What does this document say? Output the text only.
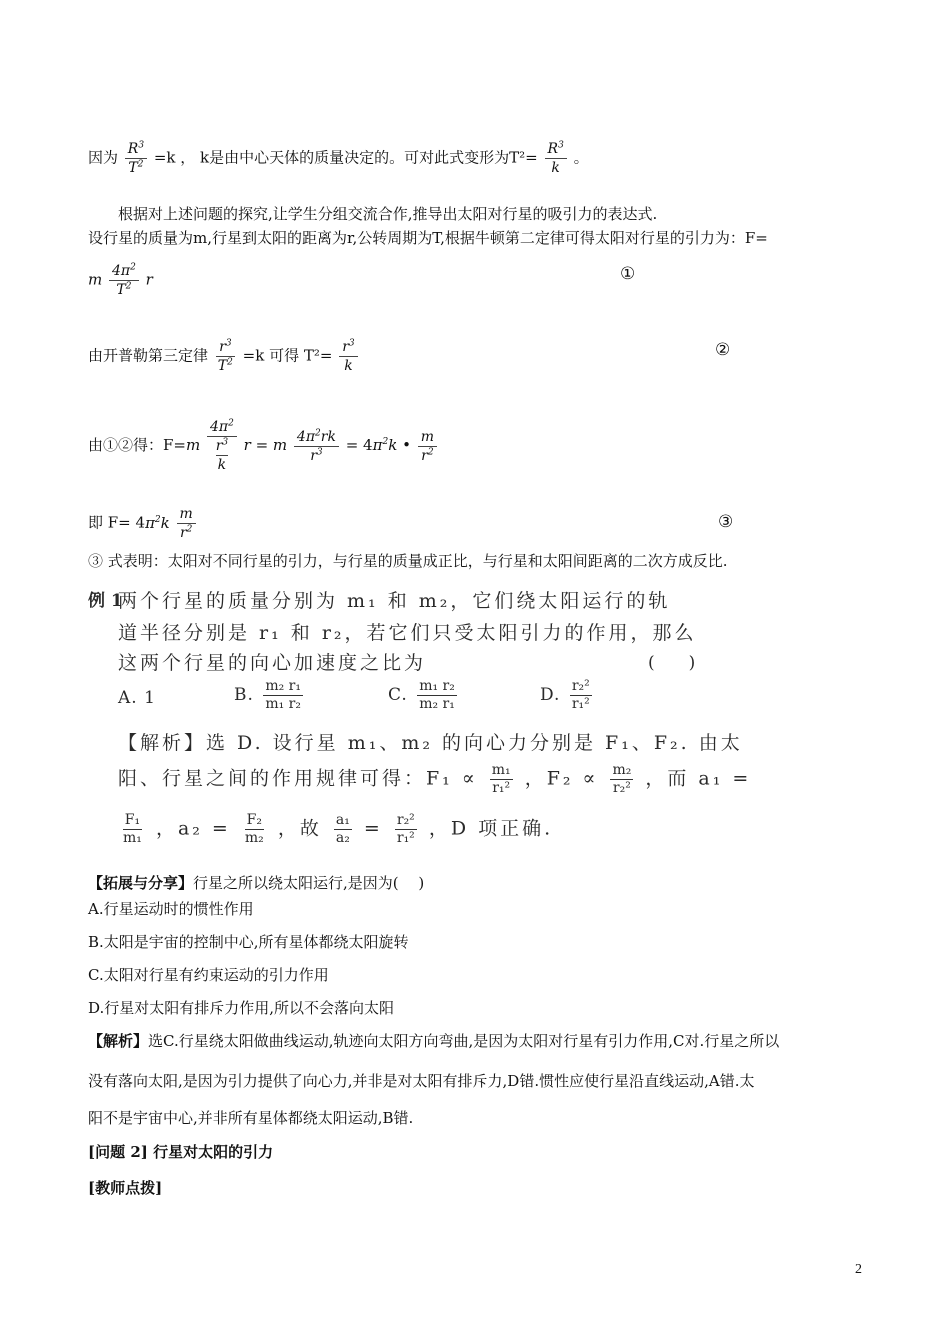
因为 $\frac{R^3}{T^2} =k$ ， k是由中心天体的质量决定的。可对此式变形为$T^2= \frac{R^3}{k}$ 。
根据对上述问题的探究,让学生分组交流合作,推导出太阳对行星的吸引力的表达式.
设行星的质量为m,行星到太阳的距离为r,公转周期为T,根据牛顿第二定律可得太阳对行星的引力为：F=
m $\frac{4\pi^2}{T^2}$ r	①
由开普勒第三定律 $\frac{r^3}{T^2} =k$ 可得 $T^2= \frac{r^3}{k}$	②
由①②得：F=m $4\pi^2$
$r^3$
k r = m $\frac{4\pi^2rk}{r^3} = 4\pi^2k$ • $\frac{m}{r^2}$
即 $F= 4\pi^2k \frac{m}{r^2}$	③
③ 式表明：太阳对不同行星的引力，与行星的质量成正比，与行星和太阳间距离的二次方成反比.
例 1
两个行星的质量分别为 m₁ 和 m₂，它们绕太阳运行的轨
道半径分别是 r₁ 和 r₂，若它们只受太阳引力的作用，那么
这两个行星的向心加速度之比为	(　　)
A. 1	B. $\frac{\text{m₂ r₁}}{\text{m₁ r₂}}$	C. $\frac{\text{m₁ r₂}}{\text{m₂ r₁}}$	D. $\frac{\text{r₂²}}{\text{r₁²}}$
【解析】选 D. 设行星 m₁、m₂ 的向心力分别是 F₁、F₂. 由太
阳、行星之间的作用规律可得：$F_1 \propto \frac{\text{m₁}}{\text{r₁²}}$ ，$F_2 \propto \frac{\text{m₂}}{\text{r₂²}}$ ，而 a₁ =
$\frac{\text{F₁}}{\text{m₁}}$ ，$a_2 = \frac{\text{F₂}}{\text{m₂}}$ ，故 $\frac{\text{a₁}}{\text{a₂}} = \frac{\text{r₂²}}{\text{r₁²}}$ ，D 项正确.
【拓展与分享】行星之所以绕太阳运行,是因为(　 )
A.行星运动时的惯性作用
B.太阳是宇宙的控制中心,所有星体都绕太阳旋转
C.太阳对行星有约束运动的引力作用
D.行星对太阳有排斥力作用,所以不会落向太阳
【解析】选C.行星绕太阳做曲线运动,轨迹向太阳方向弯曲,是因为太阳对行星有引力作用,C对.行星之所以
没有落向太阳,是因为引力提供了向心力,并非是对太阳有排斥力,D错.惯性应使行星沿直线运动,A错.太
阳不是宇宙中心,并非所有星体都绕太阳运动,B错.
[问题 2] 行星对太阳的引力
[教师点拨]
2
